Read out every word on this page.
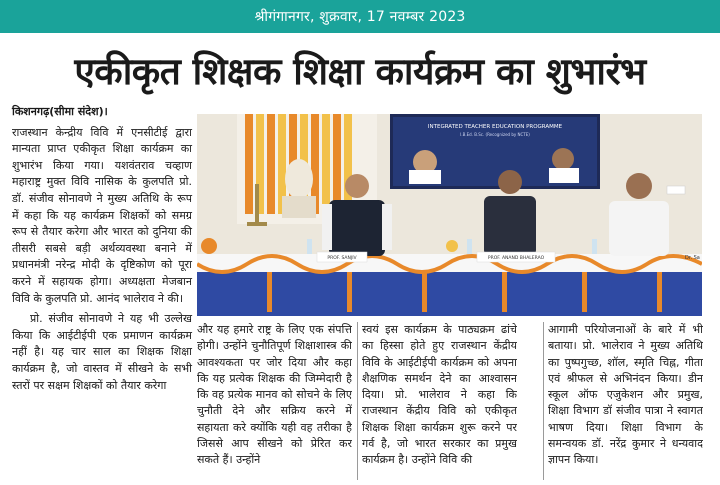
श्रीगंगानगर, शुक्रवार, 17 नवम्बर 2023
एकीकृत शिक्षक शिक्षा कार्यक्रम का शुभारंभ

किशनगढ़(सीमा संदेश)।

राजस्थान केन्द्रीय विवि में एनसीटीई द्वारा मान्यता प्राप्त एकीकृत शिक्षा कार्यक्रम का शुभारंभ किया गया। यशवंतराव चव्हाण महाराष्ट्र मुक्त विवि नासिक के कुलपति प्रो. डॉ. संजीव सोनावणे ने मुख्य अतिथि के रूप में कहा कि यह कार्यक्रम शिक्षकों को समग्र रूप से तैयार करेगा और भारत को दुनिया की तीसरी सबसे बड़ी अर्थव्यवस्था बनाने में प्रधानमंत्री नरेन्द्र मोदी के दृष्टिकोण को पूरा करने में सहायक होगा। अध्यक्षता मेजबान विवि के कुलपति प्रो. आनंद भालेराव ने की।

प्रो. संजीव सोनावणे ने यह भी उल्लेख किया कि आईटीईपी एक प्रमाणन कार्यक्रम नहीं है। यह चार साल का शिक्षक शिक्षा कार्यक्रम है, जो वास्तव में सीखने के सभी स्तरों पर सक्षम शिक्षकों को तैयार करेगा

INTEGRATED TEACHER EDUCATION PROGRAMME
I.B.Ed. B.Sc. (Recognized by NCTE)
PROF. SANJIV	PROF. ANAND BHALERAO	Dr. Sa
और यह हमारे राष्ट्र के लिए एक संपत्ति होगी। उन्होंने चुनौतिपूर्ण शिक्षाशास्त्र की आवश्यकता पर जोर दिया और कहा कि यह प्रत्येक शिक्षक की जिम्मेदारी है कि वह प्रत्येक मानव को सोचने के लिए चुनौती देने और सक्रिय करने में सहायता करे क्योंकि यही वह तरीका है जिससे आप सीखने को प्रेरित कर सकते हैं। उन्होंने
स्वयं इस कार्यक्रम के पाठ्यक्रम ढांचे का हिस्सा होते हुए राजस्थान केंद्रीय विवि के आईटीईपी कार्यक्रम को अपना शैक्षणिक समर्थन देने का आश्वासन दिया। प्रो. भालेराव ने कहा कि राजस्थान केंद्रीय विवि को एकीकृत शिक्षक शिक्षा कार्यक्रम शुरू करने पर गर्व है, जो भारत सरकार का प्रमुख कार्यक्रम है। उन्होंने विवि की
आगामी परियोजनाओं के बारे में भी बताया। प्रो. भालेराव ने मुख्य अतिथि का पुष्पगुच्छ, शॉल, स्मृति चिह्न, गीता एवं श्रीफल से अभिनंदन किया। डीन स्कूल ऑफ एजुकेशन और प्रमुख, शिक्षा विभाग डॉ संजीव पात्रा ने स्वागत भाषण दिया। शिक्षा विभाग के समन्वयक डॉ. नरेंद्र कुमार ने धन्यवाद ज्ञापन किया।
